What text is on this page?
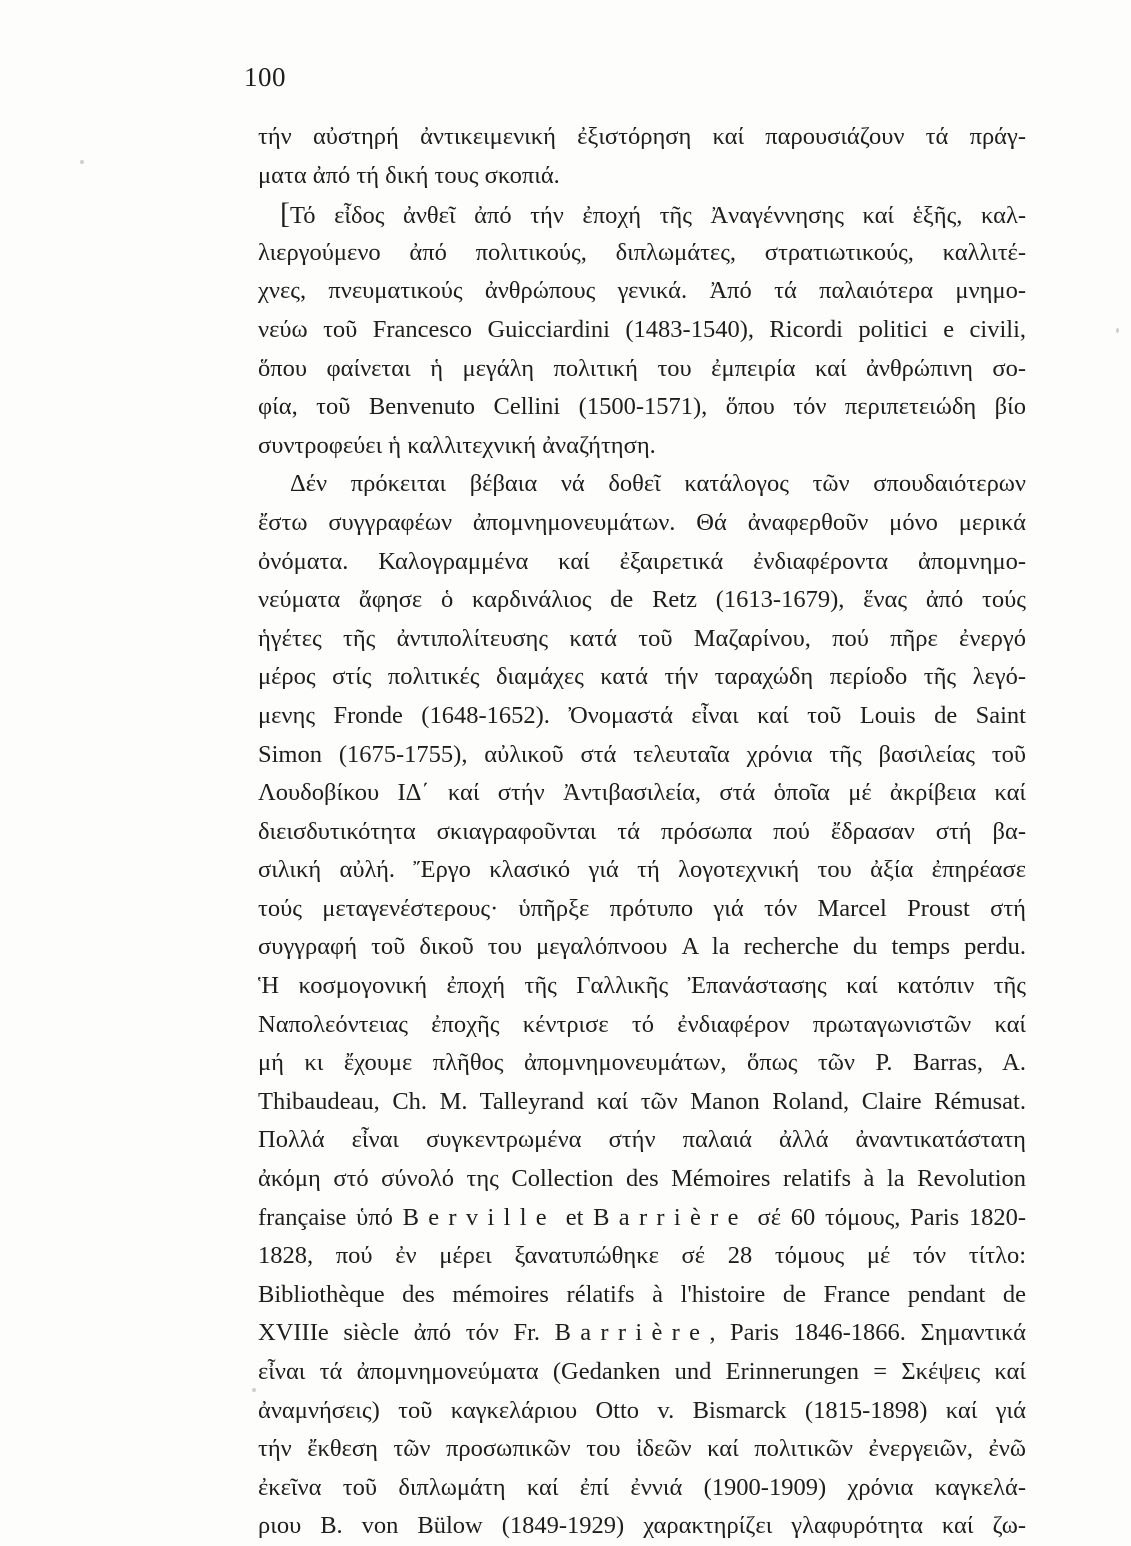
100
τήν αὐστηρή ἀντικειμενική ἐξιστόρηση καί παρουσιάζουν τά πράγ-
ματα ἀπό τή δική τους σκοπιά.
[Τό εἶδος ἀνθεῖ ἀπό τήν ἐποχή τῆς Ἀναγέννησης καί ἑξῆς, καλ-
λιεργούμενο ἀπό πολιτικούς, διπλωμάτες, στρατιωτικούς, καλλιτέ-
χνες, πνευματικούς ἀνθρώπους γενικά. Ἀπό τά παλαιότερα μνημο-
νεύω τοῦ Francesco Guicciardini (1483-1540), Ricordi politici e civili,
ὅπου φαίνεται ἡ μεγάλη πολιτική του ἐμπειρία καί ἀνθρώπινη σο-
φία, τοῦ Benvenuto Cellini (1500-1571), ὅπου τόν περιπετειώδη βίο
συντροφεύει ἡ καλλιτεχνική ἀναζήτηση.
Δέν πρόκειται βέβαια νά δοθεῖ κατάλογος τῶν σπουδαιότερων
ἔστω συγγραφέων ἀπομνημονευμάτων. Θά ἀναφερθοῦν μόνο μερικά
ὀνόματα. Καλογραμμένα καί ἐξαιρετικά ἐνδιαφέροντα ἀπομνημο-
νεύματα ἄφησε ὁ καρδινάλιος de Retz (1613-1679), ἕνας ἀπό τούς
ἡγέτες τῆς ἀντιπολίτευσης κατά τοῦ Μαζαρίνου, πού πῆρε ἐνεργό
μέρος στίς πολιτικές διαμάχες κατά τήν ταραχώδη περίοδο τῆς λεγό-
μενης Fronde (1648-1652). Ὀνομαστά εἶναι καί τοῦ Louis de Saint
Simon (1675-1755), αὐλικοῦ στά τελευταῖα χρόνια τῆς βασιλείας τοῦ
Λουδοβίκου ΙΔ΄ καί στήν Ἀντιβασιλεία, στά ὁποῖα μέ ἀκρίβεια καί
διεισδυτικότητα σκιαγραφοῦνται τά πρόσωπα πού ἔδρασαν στή βα-
σιλική αὐλή. Ἔργο κλασικό γιά τή λογοτεχνική του ἀξία ἐπηρέασε
τούς μεταγενέστερους· ὑπῆρξε πρότυπο γιά τόν Marcel Proust στή
συγγραφή τοῦ δικοῦ του μεγαλόπνοου A la recherche du temps perdu.
Ἡ κοσμογονική ἐποχή τῆς Γαλλικῆς Ἐπανάστασης καί κατόπιν τῆς
Ναπολεόντειας ἐποχῆς κέντρισε τό ἐνδιαφέρον πρωταγωνιστῶν καί
μή κι ἔχουμε πλῆθος ἀπομνημονευμάτων, ὅπως τῶν P. Barras, A.
Thibaudeau, Ch. M. Talleyrand καί τῶν Manon Roland, Claire Rémusat.
Πολλά εἶναι συγκεντρωμένα στήν παλαιά ἀλλά ἀναντικατάστατη
ἀκόμη στό σύνολό της Collection des Mémoires relatifs à la Revolution
française ὑπό Berville et Barrière σέ 60 τόμους, Paris 1820-
1828, πού ἐν μέρει ξανατυπώθηκε σέ 28 τόμους μέ τόν τίτλο:
Bibliothèque des mémoires rélatifs à l'histoire de France pendant de
XVIIIe siècle ἀπό τόν Fr. Barrière, Paris 1846-1866. Σημαντικά
εἶναι τά ἀπομνημονεύματα (Gedanken und Erinnerungen = Σκέψεις καί
ἀναμνήσεις) τοῦ καγκελάριου Otto v. Bismarck (1815-1898) καί γιά
τήν ἔκθεση τῶν προσωπικῶν του ἰδεῶν καί πολιτικῶν ἐνεργειῶν, ἐνῶ
ἐκεῖνα τοῦ διπλωμάτη καί ἐπί ἐννιά (1900-1909) χρόνια καγκελά-
ριου B. von Bülow (1849-1929) χαρακτηρίζει γλαφυρότητα καί ζω-
